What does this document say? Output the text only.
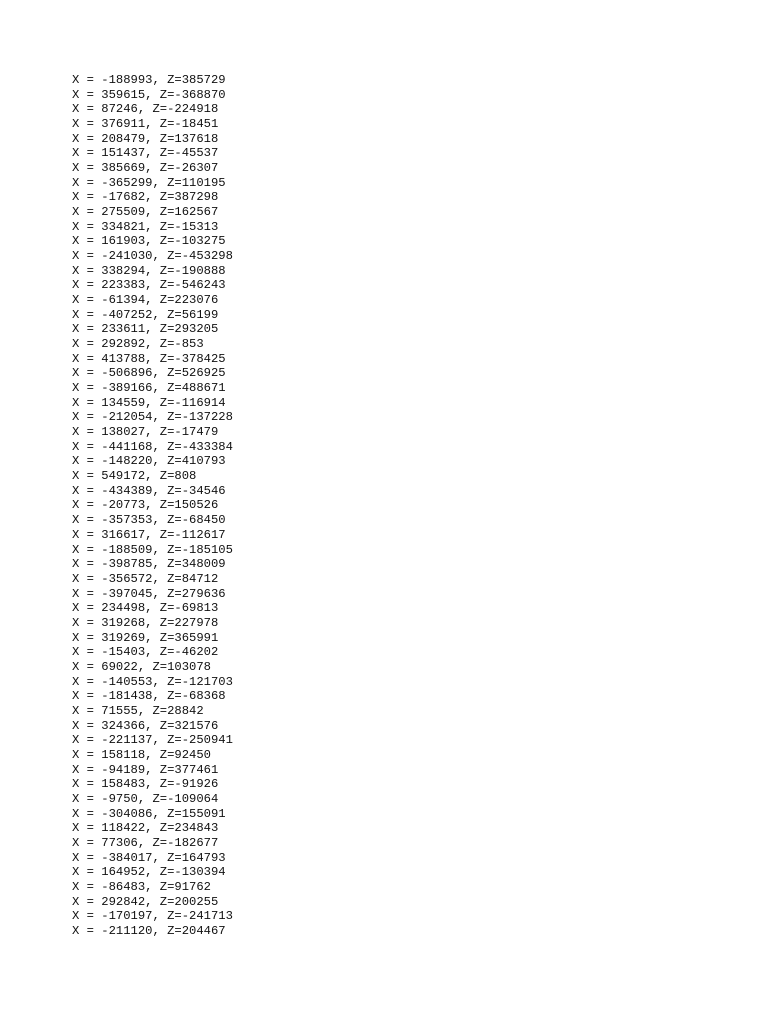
X = -188993, Z=385729
X = 359615, Z=-368870
X = 87246, Z=-224918
X = 376911, Z=-18451
X = 208479, Z=137618
X = 151437, Z=-45537
X = 385669, Z=-26307
X = -365299, Z=110195
X = -17682, Z=387298
X = 275509, Z=162567
X = 334821, Z=-15313
X = 161903, Z=-103275
X = -241030, Z=-453298
X = 338294, Z=-190888
X = 223383, Z=-546243
X = -61394, Z=223076
X = -407252, Z=56199
X = 233611, Z=293205
X = 292892, Z=-853
X = 413788, Z=-378425
X = -506896, Z=526925
X = -389166, Z=488671
X = 134559, Z=-116914
X = -212054, Z=-137228
X = 138027, Z=-17479
X = -441168, Z=-433384
X = -148220, Z=410793
X = 549172, Z=808
X = -434389, Z=-34546
X = -20773, Z=150526
X = -357353, Z=-68450
X = 316617, Z=-112617
X = -188509, Z=-185105
X = -398785, Z=348009
X = -356572, Z=84712
X = -397045, Z=279636
X = 234498, Z=-69813
X = 319268, Z=227978
X = 319269, Z=365991
X = -15403, Z=-46202
X = 69022, Z=103078
X = -140553, Z=-121703
X = -181438, Z=-68368
X = 71555, Z=28842
X = 324366, Z=321576
X = -221137, Z=-250941
X = 158118, Z=92450
X = -94189, Z=377461
X = 158483, Z=-91926
X = -9750, Z=-109064
X = -304086, Z=155091
X = 118422, Z=234843
X = 77306, Z=-182677
X = -384017, Z=164793
X = 164952, Z=-130394
X = -86483, Z=91762
X = 292842, Z=200255
X = -170197, Z=-241713
X = -211120, Z=204467
